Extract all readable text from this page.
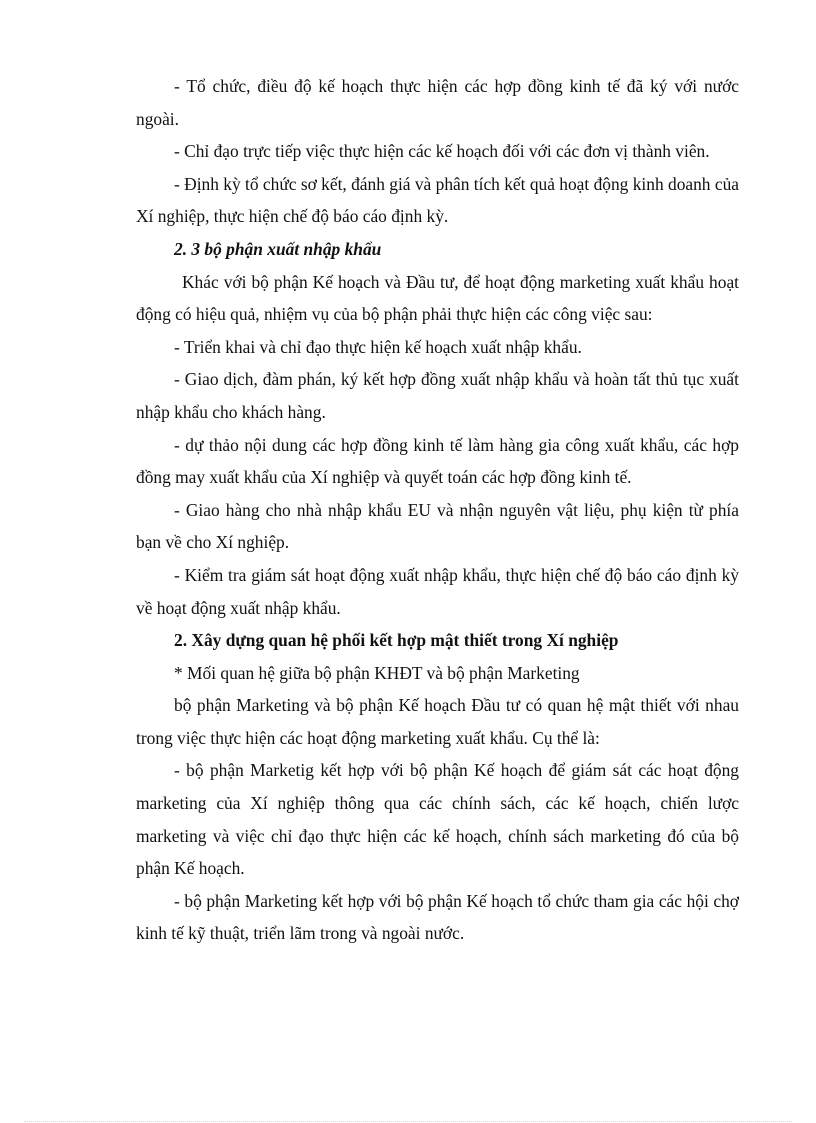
- Tổ chức, điều độ kế hoạch thực hiện các hợp đồng kinh tế đã ký với nước ngoài.

- Chỉ đạo trực tiếp việc thực hiện các kế hoạch đối với các đơn vị thành viên.

- Định kỳ tổ chức sơ kết, đánh giá và phân tích kết quả hoạt động kinh doanh của Xí nghiệp, thực hiện chế độ báo cáo định kỳ.

2. 3 bộ phận xuất nhập khẩu

Khác với bộ phận Kế hoạch và Đầu tư, để hoạt động marketing xuất khẩu hoạt động có hiệu quả, nhiệm vụ của bộ phận phải thực hiện các công việc sau:

- Triển khai và chỉ đạo thực hiện kế hoạch xuất nhập khẩu.

- Giao dịch, đàm phán, ký kết hợp đồng xuất nhập khẩu và hoàn tất thủ tục xuất nhập khẩu cho khách hàng.

- dự thảo nội dung các hợp đồng kinh tế làm hàng gia công xuất khẩu, các hợp đồng may xuất khẩu của Xí nghiệp và quyết toán các hợp đồng kinh tế.

- Giao hàng cho nhà nhập khẩu EU và nhận nguyên vật liệu, phụ kiện từ phía bạn về cho Xí nghiệp.

- Kiểm tra giám sát hoạt động xuất nhập khẩu, thực hiện chế độ báo cáo định kỳ về hoạt động xuất nhập khẩu.

2. Xây dựng quan hệ phối kết hợp mật thiết trong Xí nghiệp

* Mối quan hệ giữa bộ phận KHĐT và bộ phận Marketing

bộ phận Marketing và bộ phận Kế hoạch Đầu tư có quan hệ mật thiết với nhau trong việc thực hiện các hoạt động marketing xuất khẩu. Cụ thể là:

- bộ phận Marketig kết hợp với bộ phận Kế hoạch để giám sát các hoạt động marketing của Xí nghiệp thông qua các chính sách, các kế hoạch, chiến lược marketing và việc chỉ đạo thực hiện các kế hoạch, chính sách marketing đó của bộ phận Kế hoạch.

- bộ phận Marketing kết hợp với bộ phận Kế hoạch tổ chức tham gia các hội chợ kinh tế kỹ thuật, triển lãm trong và ngoài nước.
